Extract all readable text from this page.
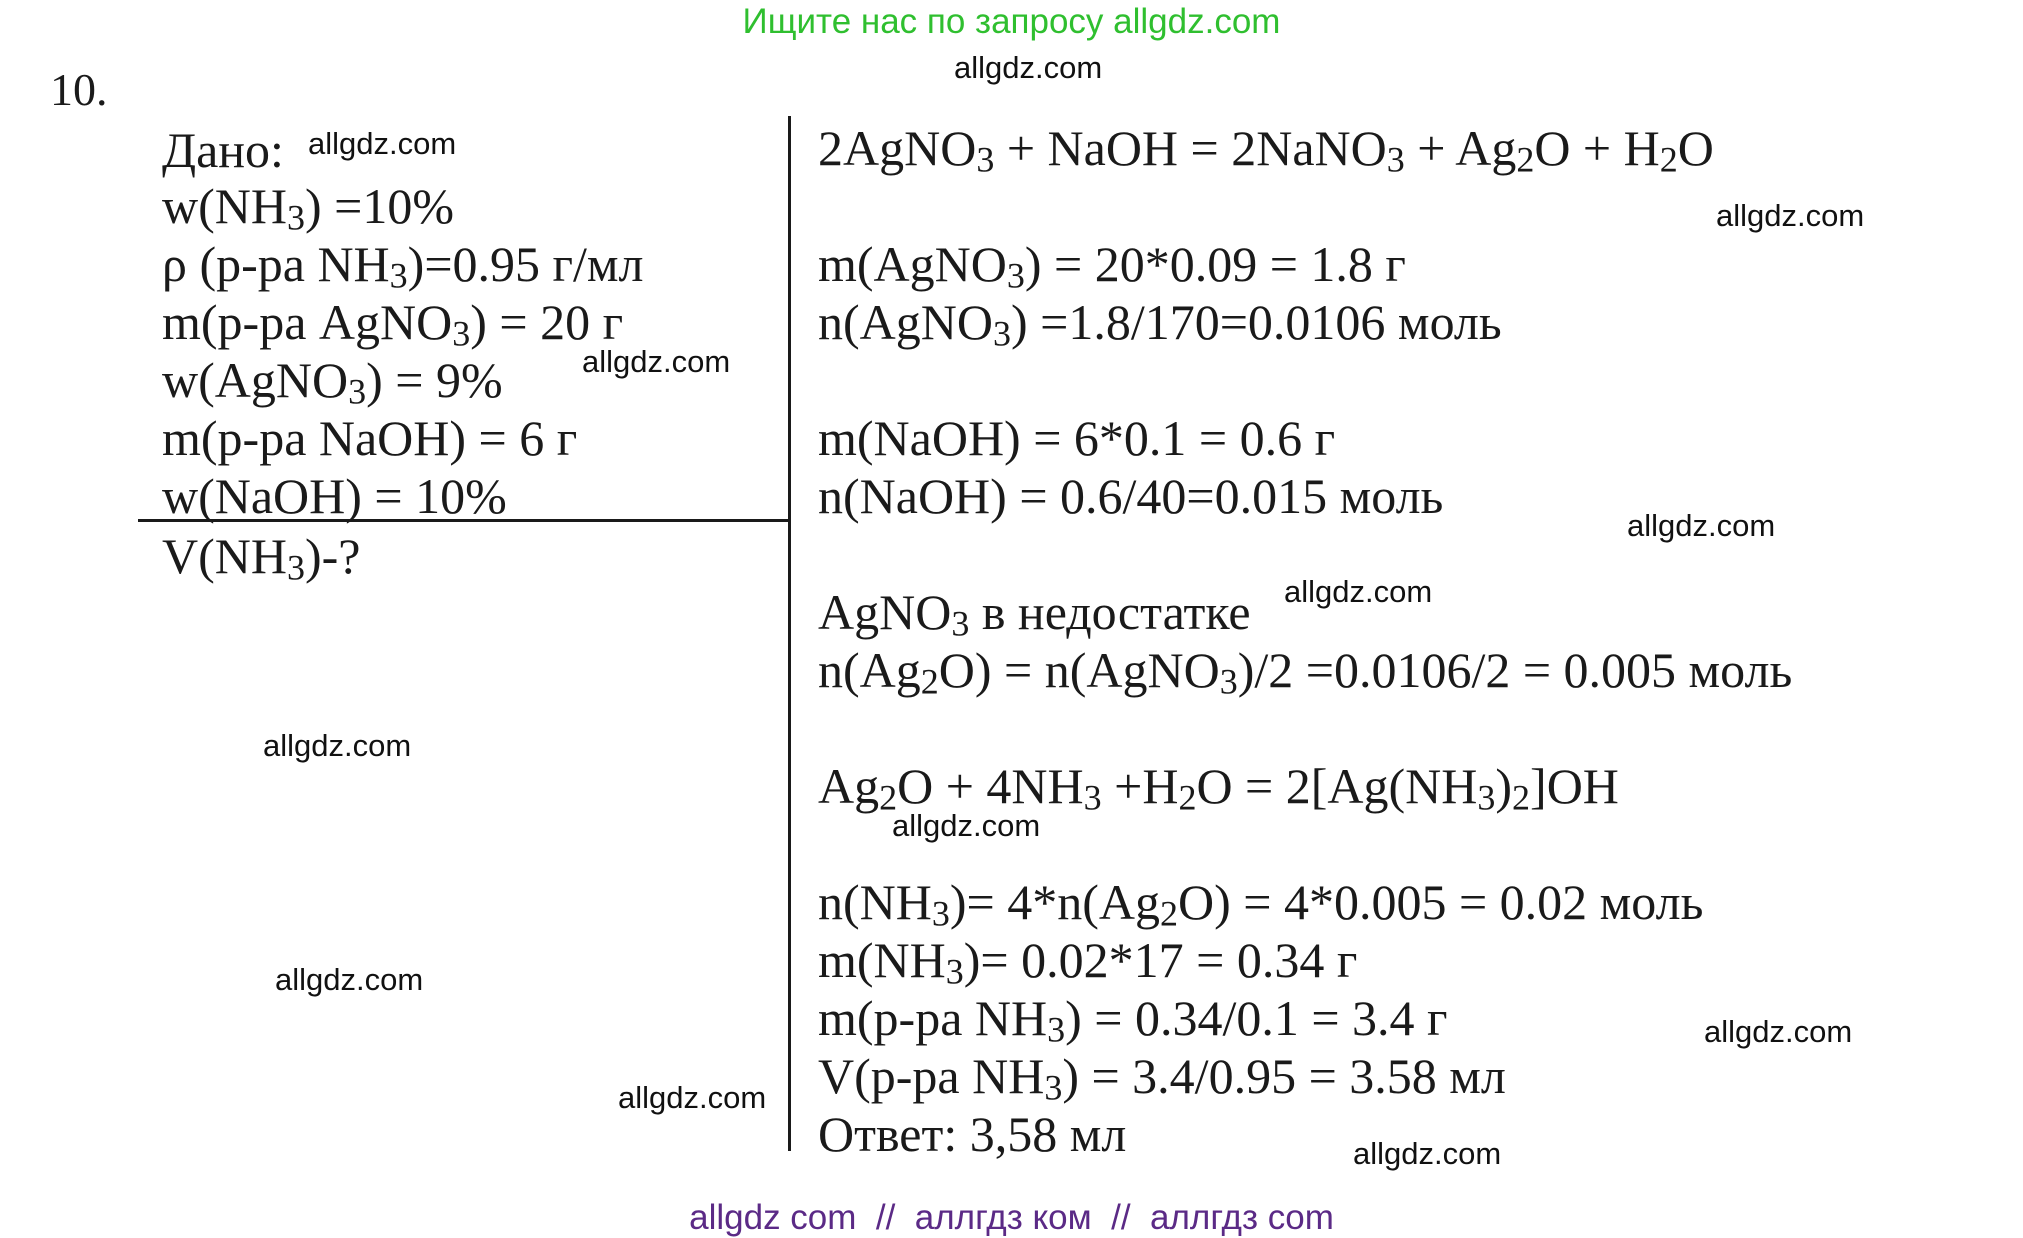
Ищите нас по запросу allgdz.com
10.
Дано:
w(NH3) =10%
ρ (р-ра NH3)=0.95 г/мл
m(р-ра AgNO3) = 20 г
w(AgNO3) = 9%
m(р-ра NaOH) = 6 г
w(NaOH) = 10%
V(NH3)-?
2AgNO3 + NaOH = 2NaNO3 + Ag2O + H2O
m(AgNO3) = 20*0.09 = 1.8 г
n(AgNO3) =1.8/170=0.0106 моль
m(NaOH) = 6*0.1 = 0.6 г
n(NaOH) = 0.6/40=0.015 моль
AgNO3 в недостатке
n(Ag2O) = n(AgNO3)/2 =0.0106/2 = 0.005 моль
Ag2O + 4NH3 +H2O = 2[Ag(NH3)2]OH
n(NH3)= 4*n(Ag2O) = 4*0.005 = 0.02 моль
m(NH3)= 0.02*17 = 0.34 г
m(р-ра NH3) = 0.34/0.1 = 3.4 г
V(р-ра NH3) = 3.4/0.95 = 3.58 мл
Ответ: 3,58 мл
allgdz.com
allgdz.com
allgdz.com
allgdz.com
allgdz.com
allgdz.com
allgdz.com
allgdz.com
allgdz.com
allgdz.com
allgdz.com
allgdz.com
allgdz com  //  аллгдз ком  //  аллгдз com
